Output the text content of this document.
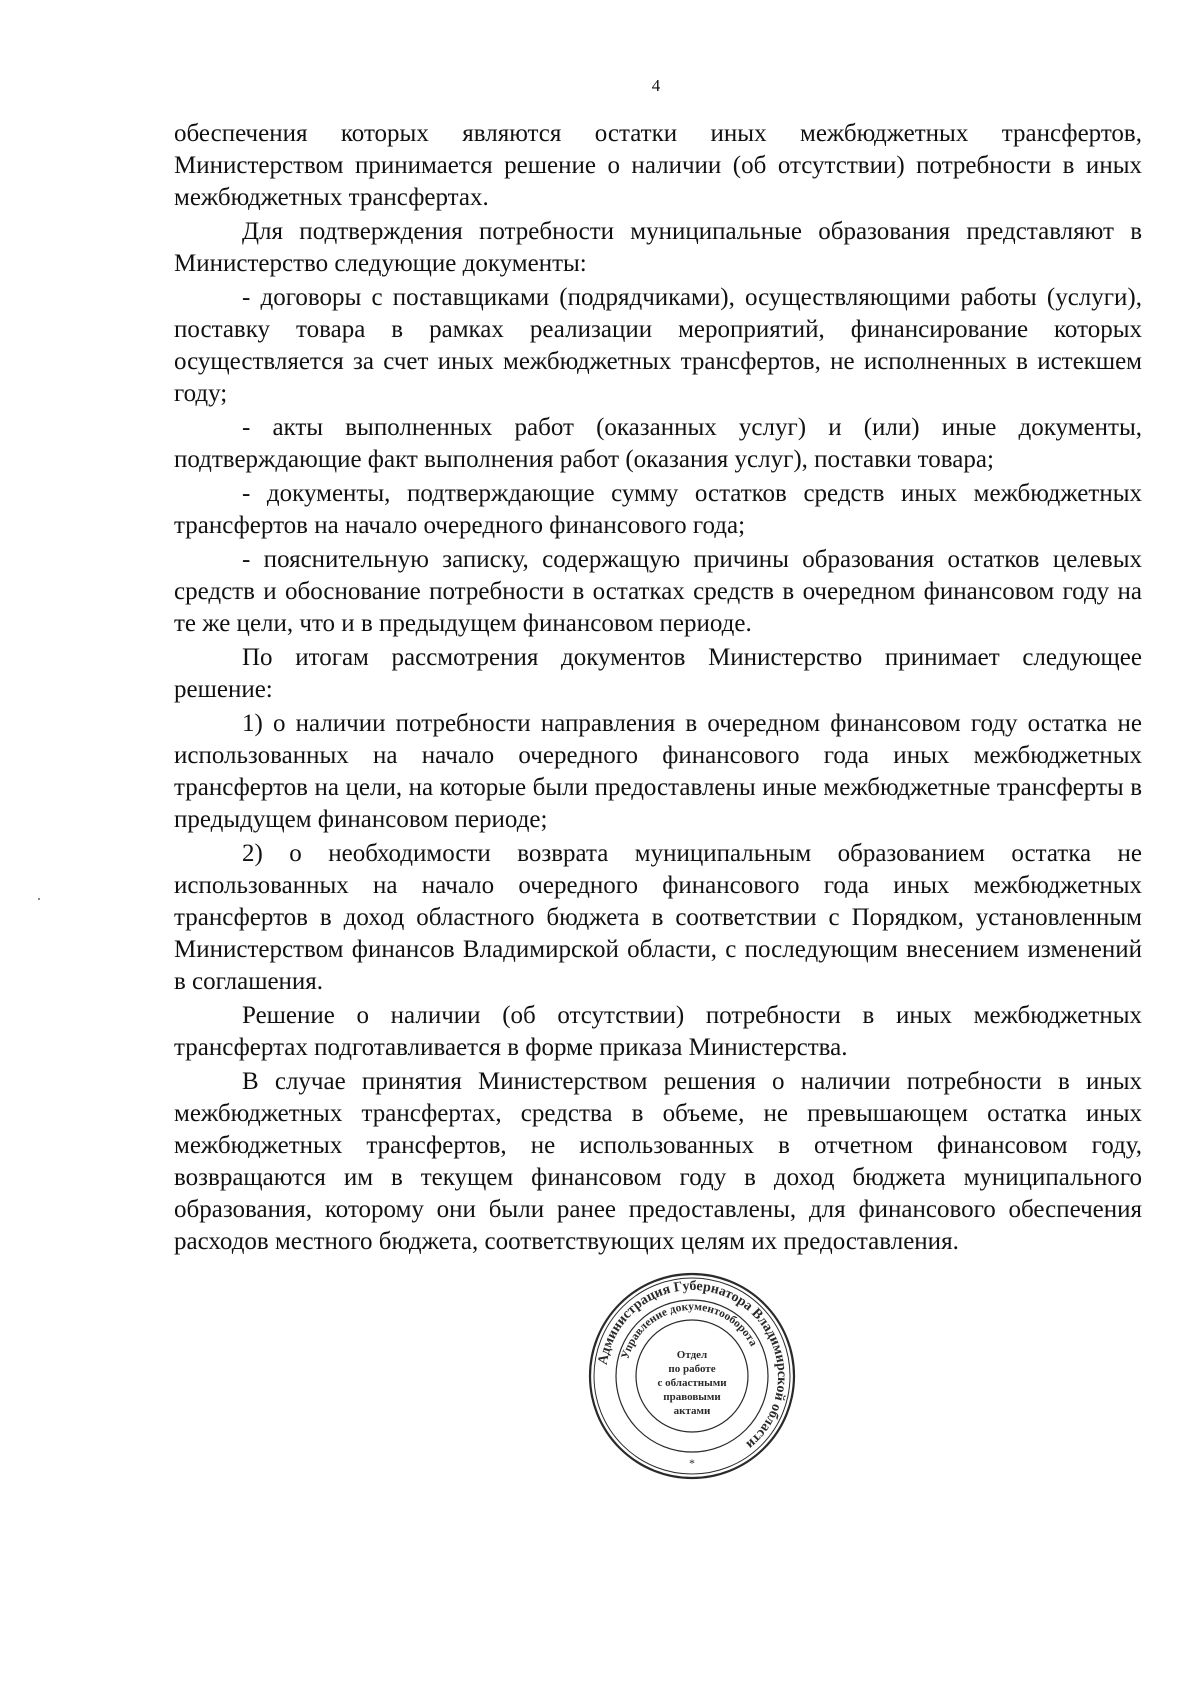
4

обеспечения которых являются остатки иных межбюджетных трансфертов, Министерством принимается решение о наличии (об отсутствии) потребности в иных межбюджетных трансфертах.

Для подтверждения потребности муниципальные образования представляют в Министерство следующие документы:

- договоры с поставщиками (подрядчиками), осуществляющими работы (услуги), поставку товара в рамках реализации мероприятий, финансирование которых осуществляется за счет иных межбюджетных трансфертов, не исполненных в истекшем году;

- акты выполненных работ (оказанных услуг) и (или) иные документы, подтверждающие факт выполнения работ (оказания услуг), поставки товара;

- документы, подтверждающие сумму остатков средств иных межбюджетных трансфертов на начало очередного финансового года;

- пояснительную записку, содержащую причины образования остатков целевых средств и обоснование потребности в остатках средств в очередном финансовом году на те же цели, что и в предыдущем финансовом периоде.

По итогам рассмотрения документов Министерство принимает следующее решение:

1) о наличии потребности направления в очередном финансовом году остатка не использованных на начало очередного финансового года иных межбюджетных трансфертов на цели, на которые были предоставлены иные межбюджетные трансферты в предыдущем финансовом периоде;

2) о необходимости возврата муниципальным образованием остатка не использованных на начало очередного финансового года иных межбюджетных трансфертов в доход областного бюджета в соответствии с Порядком, установленным Министерством финансов Владимирской области, с последующим внесением изменений в соглашения.

Решение о наличии (об отсутствии) потребности в иных межбюджетных трансфертах подготавливается в форме приказа Министерства.

В случае принятия Министерством решения о наличии потребности в иных межбюджетных трансфертах, средства в объеме, не превышающем остатка иных межбюджетных трансфертов, не использованных в отчетном финансовом году, возвращаются им в текущем финансовом году в доход бюджета муниципального образования, которому они были ранее предоставлены, для финансового обеспечения расходов местного бюджета, соответствующих целям их предоставления.

Администрация Губернатора Владимирской области
Управление документооборота
Отдел
по работе
с областными
правовыми
актами
*
